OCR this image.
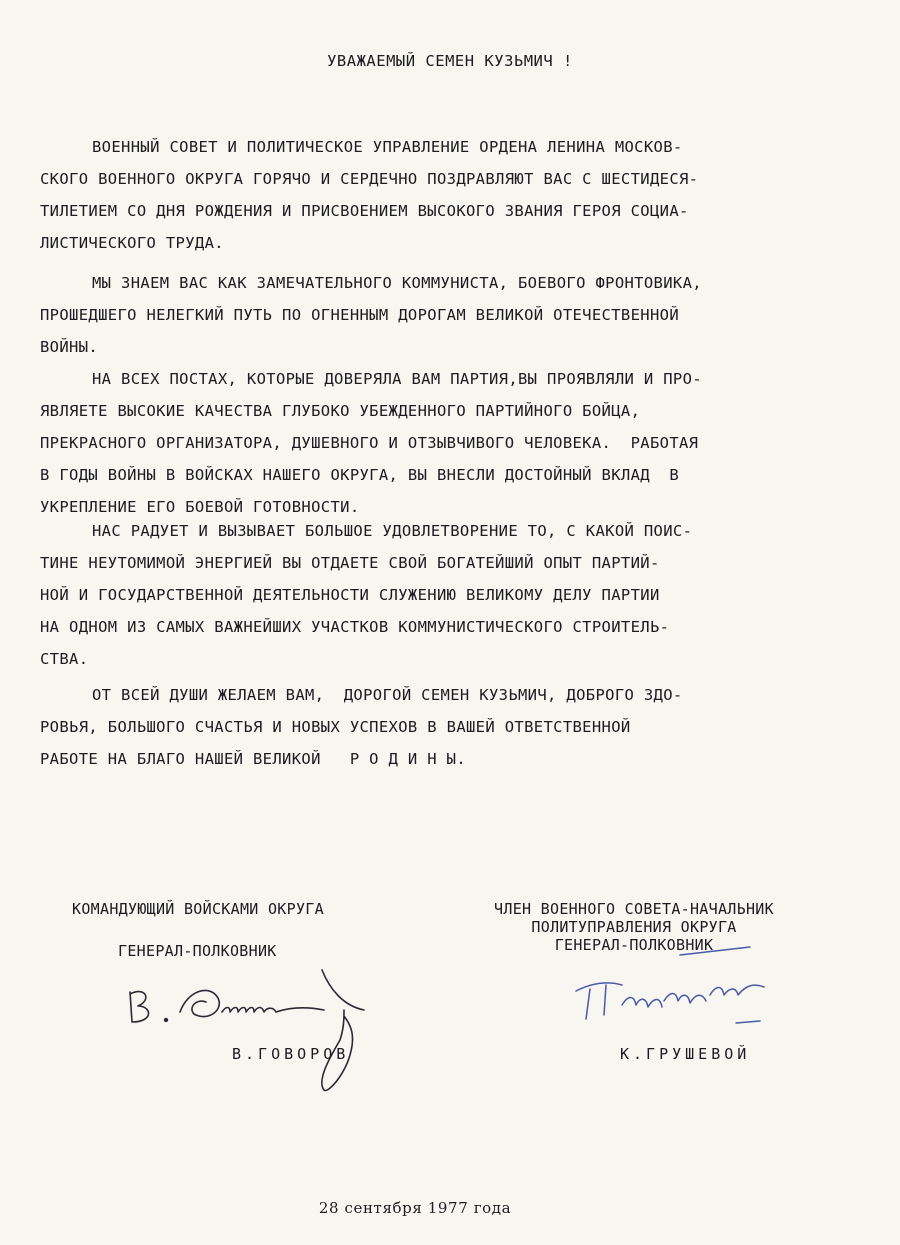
УВАЖАЕМЫЙ СЕМЕН КУЗЬМИЧ !
ВОЕННЫЙ СОВЕТ И ПОЛИТИЧЕСКОЕ УПРАВЛЕНИЕ ОРДЕНА ЛЕНИНА МОСКОВ-
СКОГО ВОЕННОГО ОКРУГА ГОРЯЧО И СЕРДЕЧНО ПОЗДРАВЛЯЮТ ВАС С ШЕСТИДЕСЯ-
ТИЛЕТИЕМ СО ДНЯ РОЖДЕНИЯ И ПРИСВОЕНИЕМ ВЫСОКОГО ЗВАНИЯ ГЕРОЯ СОЦИА-
ЛИСТИЧЕСКОГО ТРУДА.
МЫ ЗНАЕМ ВАС КАК ЗАМЕЧАТЕЛЬНОГО КОММУНИСТА, БОЕВОГО ФРОНТОВИКА,
ПРОШЕДШЕГО НЕЛЕГКИЙ ПУТЬ ПО ОГНЕННЫМ ДОРОГАМ ВЕЛИКОЙ ОТЕЧЕСТВЕННОЙ
ВОЙНЫ.
НА ВСЕХ ПОСТАХ, КОТОРЫЕ ДОВЕРЯЛА ВАМ ПАРТИЯ,ВЫ ПРОЯВЛЯЛИ И ПРО-
ЯВЛЯЕТЕ ВЫСОКИЕ КАЧЕСТВА ГЛУБОКО УБЕЖДЕННОГО ПАРТИЙНОГО БОЙЦА,
ПРЕКРАСНОГО ОРГАНИЗАТОРА, ДУШЕВНОГО И ОТЗЫВЧИВОГО ЧЕЛОВЕКА.  РАБОТАЯ
В ГОДЫ ВОЙНЫ В ВОЙСКАХ НАШЕГО ОКРУГА, ВЫ ВНЕСЛИ ДОСТОЙНЫЙ ВКЛАД  В
УКРЕПЛЕНИЕ ЕГО БОЕВОЙ ГОТОВНОСТИ.
НАС РАДУЕТ И ВЫЗЫВАЕТ БОЛЬШОЕ УДОВЛЕТВОРЕНИЕ ТО, С КАКОЙ ПОИС-
ТИНЕ НЕУТОМИМОЙ ЭНЕРГИЕЙ ВЫ ОТДАЕТЕ СВОЙ БОГАТЕЙШИЙ ОПЫТ ПАРТИЙ-
НОЙ И ГОСУДАРСТВЕННОЙ ДЕЯТЕЛЬНОСТИ СЛУЖЕНИЮ ВЕЛИКОМУ ДЕЛУ ПАРТИИ
НА ОДНОМ ИЗ САМЫХ ВАЖНЕЙШИХ УЧАСТКОВ КОММУНИСТИЧЕСКОГО СТРОИТЕЛЬ-
СТВА.
ОТ ВСЕЙ ДУШИ ЖЕЛАЕМ ВАМ,  ДОРОГОЙ СЕМЕН КУЗЬМИЧ, ДОБРОГО ЗДО-
РОВЬЯ, БОЛЬШОГО СЧАСТЬЯ И НОВЫХ УСПЕХОВ В ВАШЕЙ ОТВЕТСТВЕННОЙ
РАБОТЕ НА БЛАГО НАШЕЙ ВЕЛИКОЙ   Р О Д И Н Ы.
КОМАНДУЮЩИЙ ВОЙСКАМИ ОКРУГА
ГЕНЕРАЛ-ПОЛКОВНИК
В.ГОВОРОВ
ЧЛЕН ВОЕННОГО СОВЕТА-НАЧАЛЬНИК
ПОЛИТУПРАВЛЕНИЯ ОКРУГА
ГЕНЕРАЛ-ПОЛКОВНИК
К.ГРУШЕВОЙ
28 сентября 1977 года
